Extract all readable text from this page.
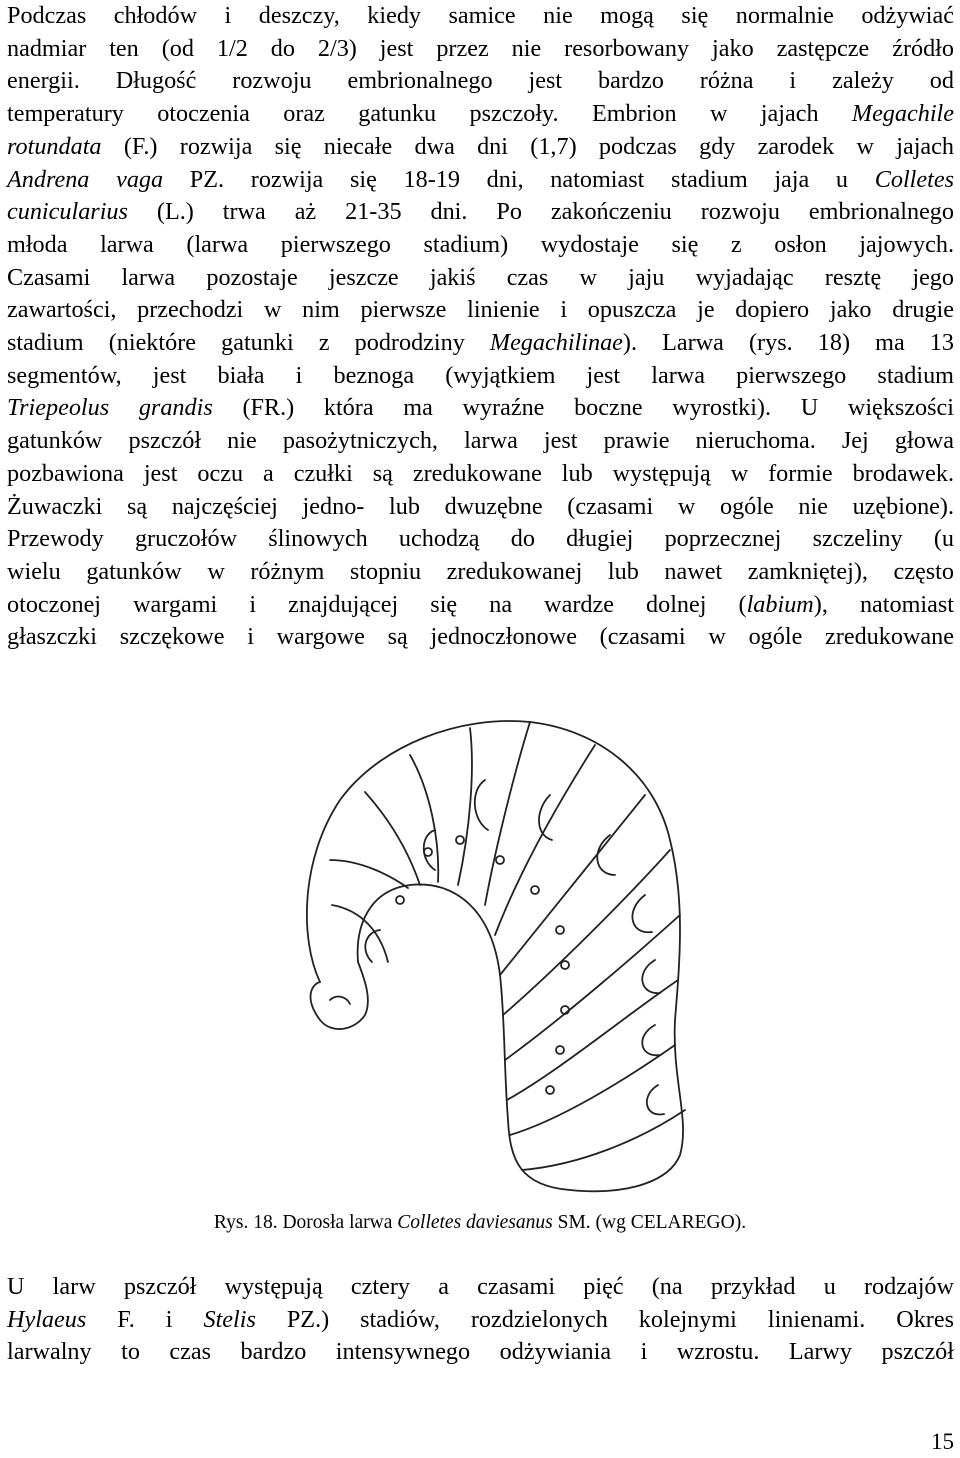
Podczas chłodów i deszczy, kiedy samice nie mogą się normalnie odżywiać
nadmiar ten (od 1/2 do 2/3) jest przez nie resorbowany jako zastępcze źródło
energii. Długość rozwoju embrionalnego jest bardzo różna i zależy od
temperatury otoczenia oraz gatunku pszczoły. Embrion w jajach Megachile
rotundata (F.) rozwija się niecałe dwa dni (1,7) podczas gdy zarodek w jajach
Andrena vaga PZ. rozwija się 18-19 dni, natomiast stadium jaja u Colletes
cunicularius (L.) trwa aż 21-35 dni. Po zakończeniu rozwoju embrionalnego
młoda larwa (larwa pierwszego stadium) wydostaje się z osłon jajowych.
Czasami larwa pozostaje jeszcze jakiś czas w jaju wyjadając resztę jego
zawartości, przechodzi w nim pierwsze linienie i opuszcza je dopiero jako drugie
stadium (niektóre gatunki z podrodziny Megachilinae). Larwa (rys. 18) ma 13
segmentów, jest biała i beznoga (wyjątkiem jest larwa pierwszego stadium
Triepeolus grandis (FR.) która ma wyraźne boczne wyrostki). U większości
gatunków pszczół nie pasożytniczych, larwa jest prawie nieruchoma. Jej głowa
pozbawiona jest oczu a czułki są zredukowane lub występują w formie brodawek.
Żuwaczki są najczęściej jedno- lub dwuzębne (czasami w ogóle nie uzębione).
Przewody gruczołów ślinowych uchodzą do długiej poprzecznej szczeliny (u
wielu gatunków w różnym stopniu zredukowanej lub nawet zamkniętej), często
otoczonej wargami i znajdującej się na wardze dolnej (labium), natomiast
głaszczki szczękowe i wargowe są jednoczłonowe (czasami w ogóle zredukowane
Rys. 18. Dorosła larwa Colletes daviesanus SM. (wg CELAREGO).
U larw pszczół występują cztery a czasami pięć (na przykład u rodzajów
Hylaeus F. i Stelis PZ.) stadiów, rozdzielonych kolejnymi linienami. Okres
larwalny to czas bardzo intensywnego odżywiania i wzrostu. Larwy pszczół
15
